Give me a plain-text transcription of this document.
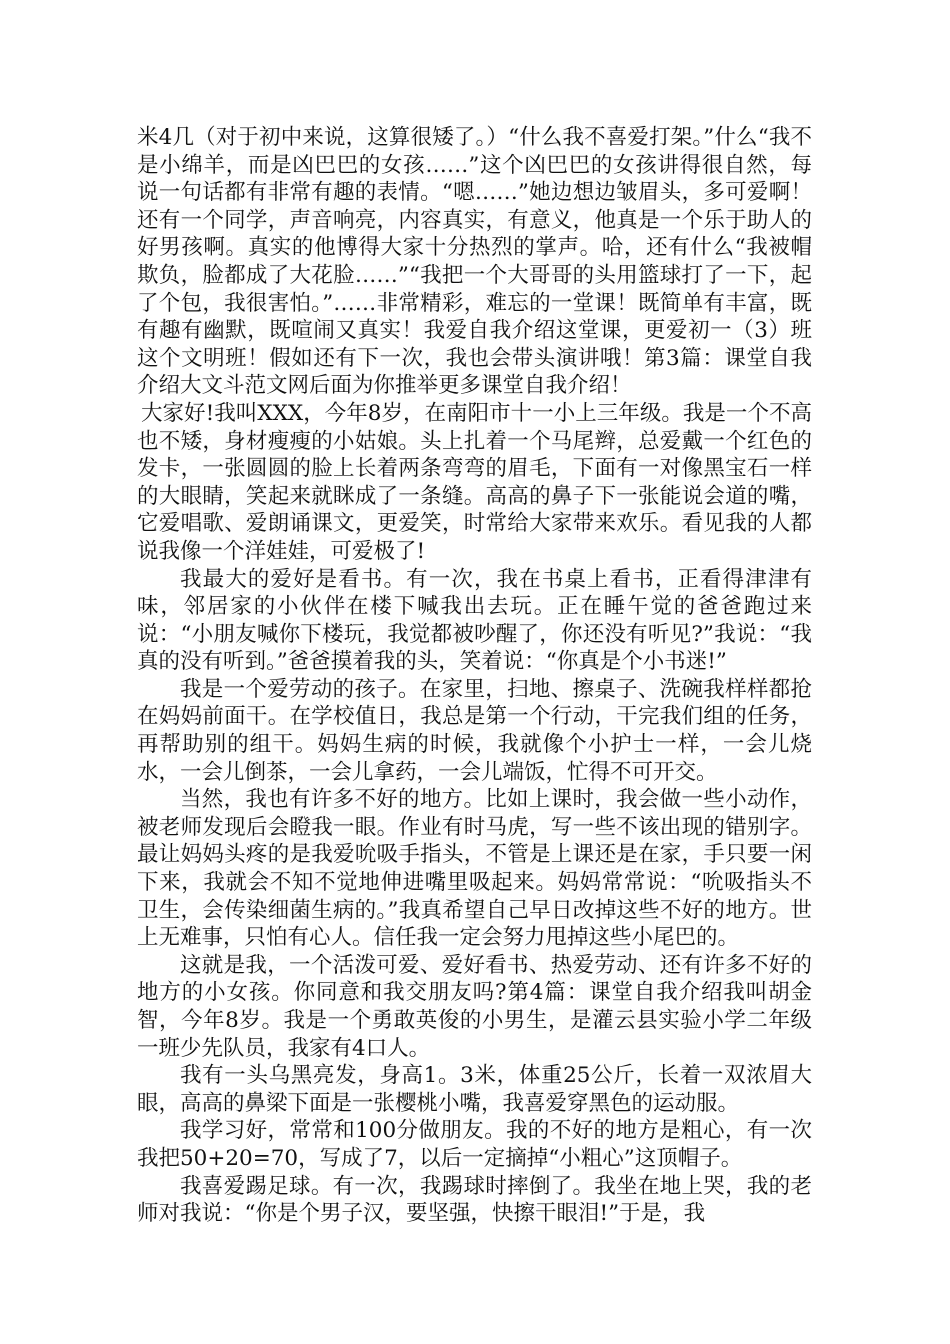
米4几（对于初中来说，这算很矮了。）“什么我不喜爱打架。”什么“我不是小绵羊，而是凶巴巴的女孩……”这个凶巴巴的女孩讲得很自然，每说一句话都有非常有趣的表情。“嗯……”她边想边皱眉头，多可爱啊！还有一个同学，声音响亮，内容真实，有意义，他真是一个乐于助人的好男孩啊。真实的他博得大家十分热烈的掌声。哈，还有什么“我被帽欺负，脸都成了大花脸……”“我把一个大哥哥的头用篮球打了一下，起了个包，我很害怕。”……非常精彩，难忘的一堂课！既简单有丰富，既有趣有幽默，既喧闹又真实！我爱自我介绍这堂课，更爱初一（3）班这个文明班！假如还有下一次，我也会带头演讲哦！第3篇：课堂自我介绍大文斗范文网后面为你推举更多课堂自我介绍！

大家好!我叫XXX，今年8岁，在南阳市十一小上三年级。我是一个不高也不矮，身材瘦瘦的小姑娘。头上扎着一个马尾辫，总爱戴一个红色的发卡，一张圆圆的脸上长着两条弯弯的眉毛，下面有一对像黑宝石一样的大眼睛，笑起来就眯成了一条缝。高高的鼻子下一张能说会道的嘴，它爱唱歌、爱朗诵课文，更爱笑，时常给大家带来欢乐。看见我的人都说我像一个洋娃娃，可爱极了!

我最大的爱好是看书。有一次，我在书桌上看书，正看得津津有味，邻居家的小伙伴在楼下喊我出去玩。正在睡午觉的爸爸跑过来说：“小朋友喊你下楼玩，我觉都被吵醒了，你还没有听见?”我说：“我真的没有听到。”爸爸摸着我的头，笑着说：“你真是个小书迷!”

我是一个爱劳动的孩子。在家里，扫地、擦桌子、洗碗我样样都抢在妈妈前面干。在学校值日，我总是第一个行动，干完我们组的任务，再帮助别的组干。妈妈生病的时候，我就像个小护士一样，一会儿烧水，一会儿倒茶，一会儿拿药，一会儿端饭，忙得不可开交。

当然，我也有许多不好的地方。比如上课时，我会做一些小动作，被老师发现后会瞪我一眼。作业有时马虎，写一些不该出现的错别字。最让妈妈头疼的是我爱吮吸手指头，不管是上课还是在家，手只要一闲下来，我就会不知不觉地伸进嘴里吸起来。妈妈常常说：“吮吸指头不卫生，会传染细菌生病的。”我真希望自己早日改掉这些不好的地方。世上无难事，只怕有心人。信任我一定会努力甩掉这些小尾巴的。

这就是我，一个活泼可爱、爱好看书、热爱劳动、还有许多不好的地方的小女孩。你同意和我交朋友吗?第4篇：课堂自我介绍我叫胡金智，今年8岁。我是一个勇敢英俊的小男生，是灌云县实验小学二年级一班少先队员，我家有4口人。

我有一头乌黑亮发，身高1。3米，体重25公斤，长着一双浓眉大眼，高高的鼻梁下面是一张樱桃小嘴，我喜爱穿黑色的运动服。

我学习好，常常和100分做朋友。我的不好的地方是粗心，有一次我把50+20=70，写成了7，以后一定摘掉“小粗心”这顶帽子。

我喜爱踢足球。有一次，我踢球时摔倒了。我坐在地上哭，我的老师对我说：“你是个男子汉，要坚强，快擦干眼泪!”于是，我
